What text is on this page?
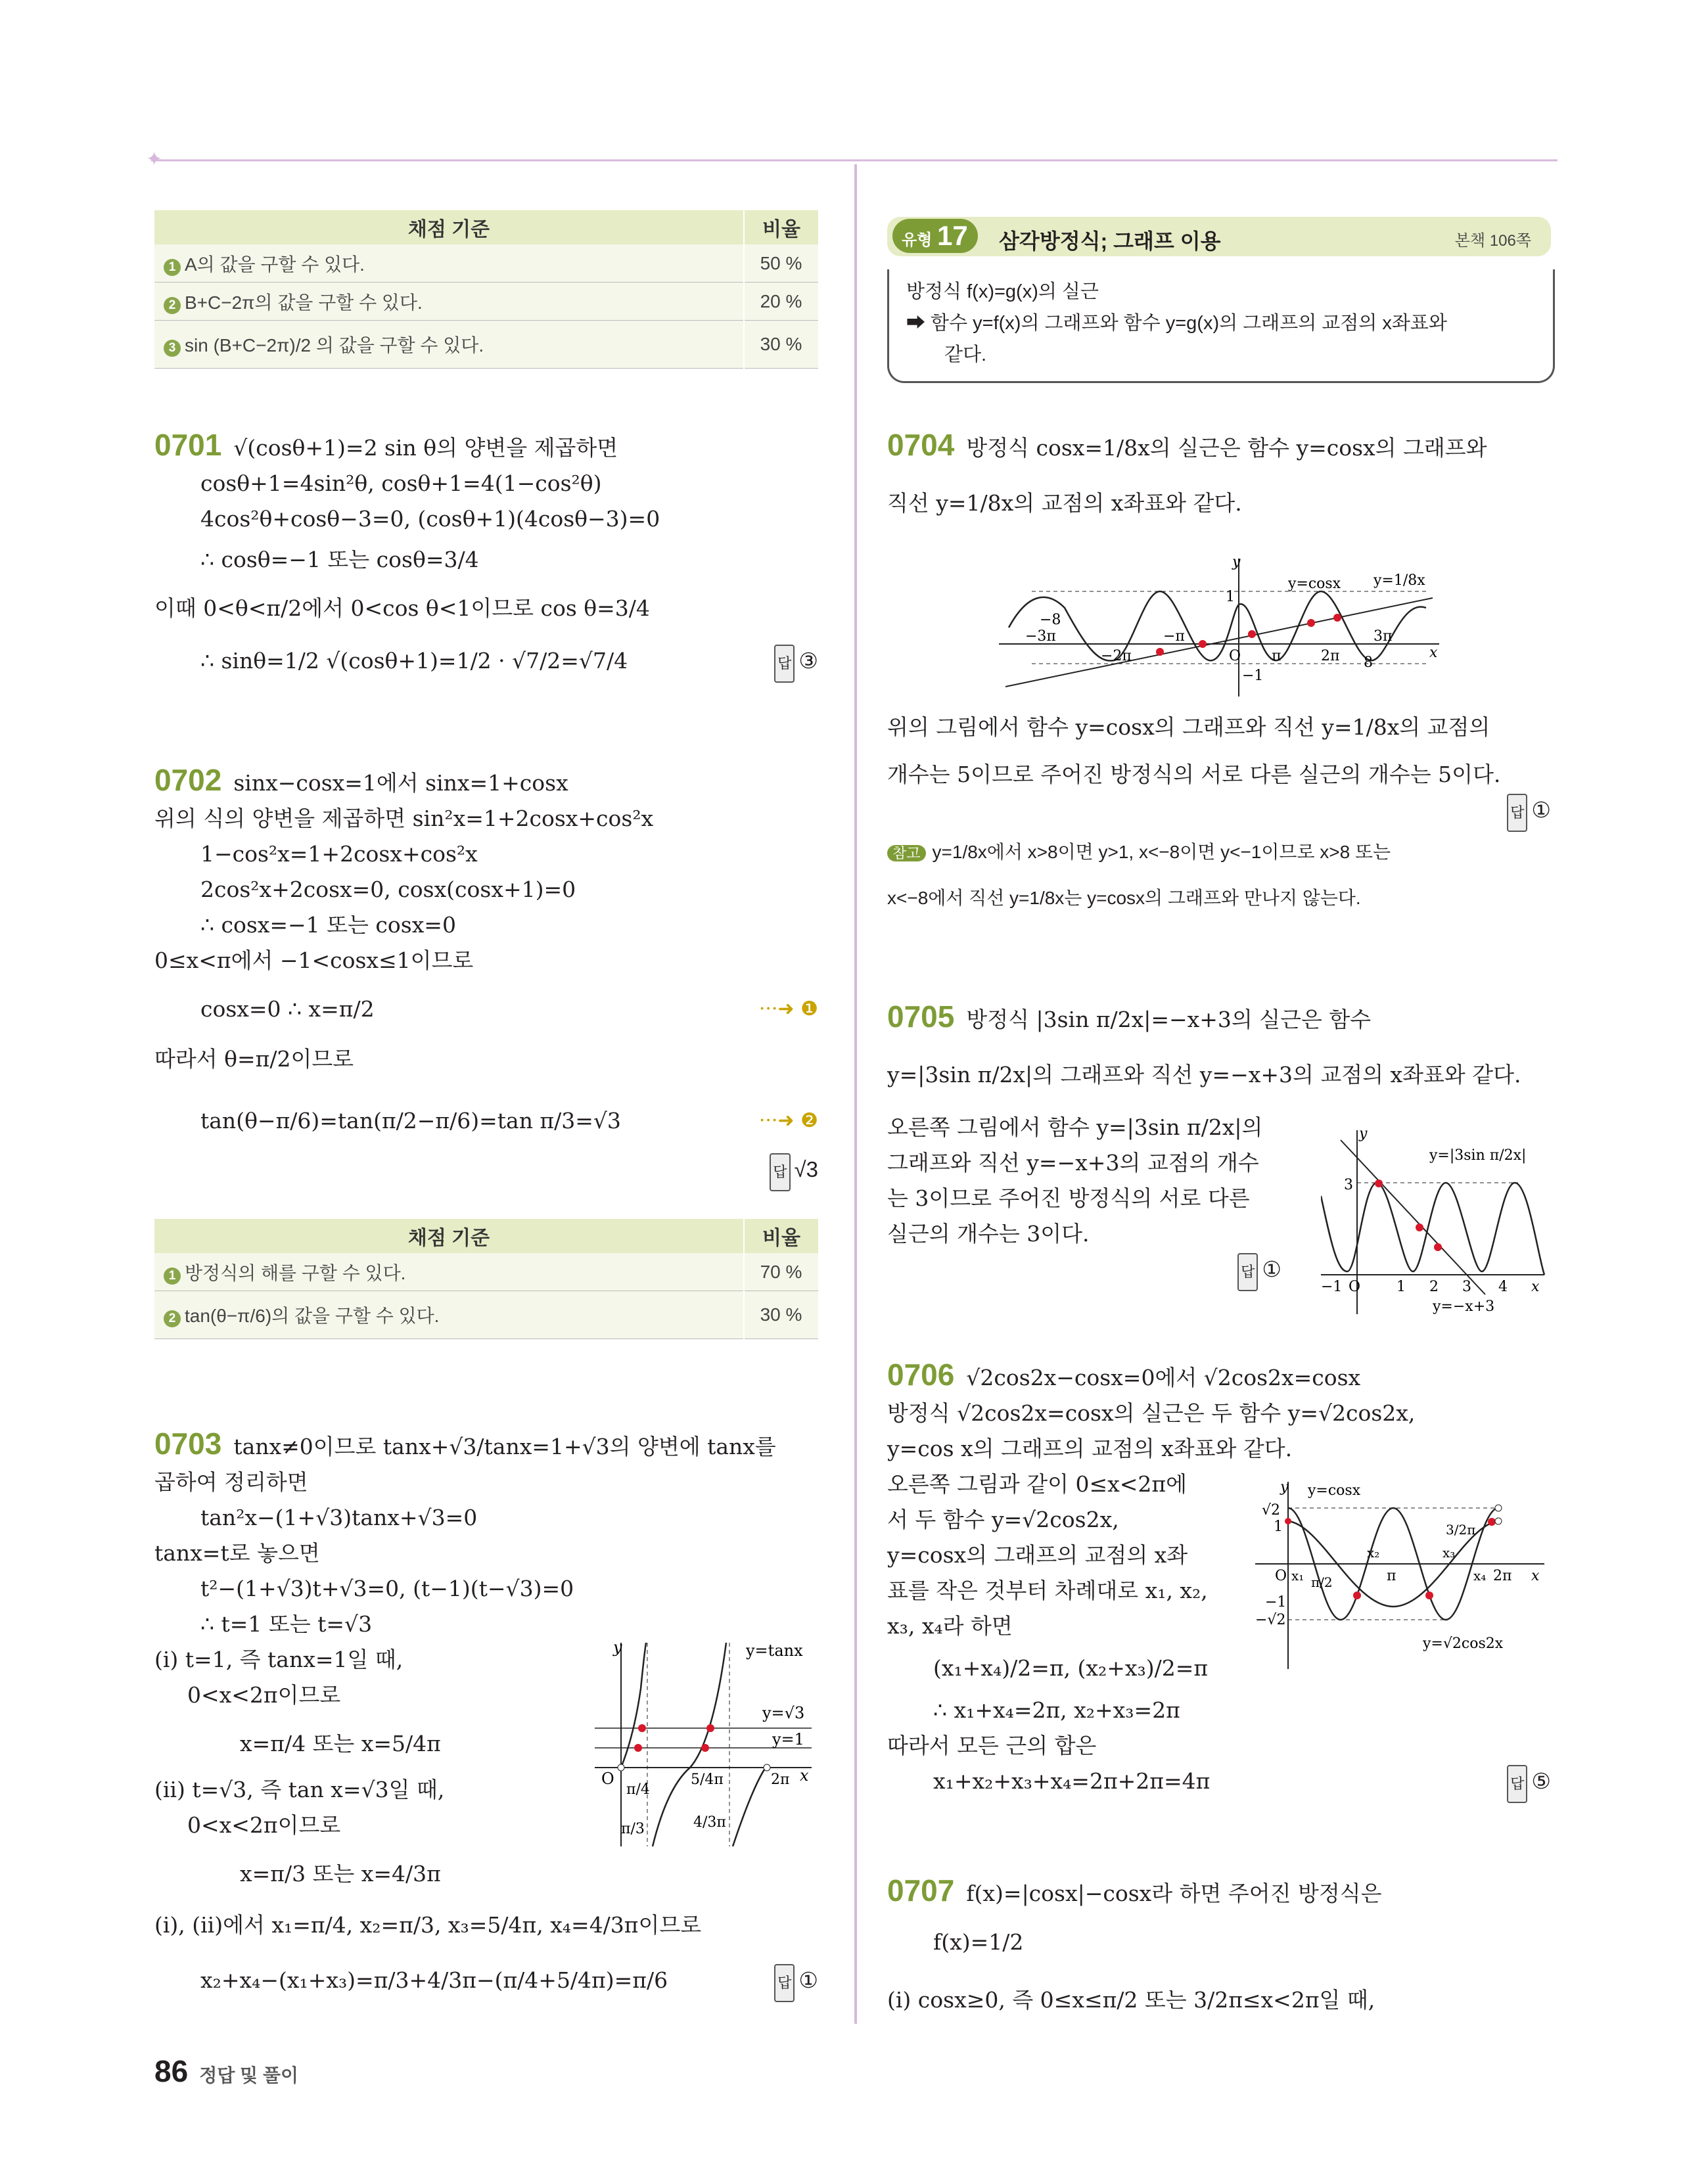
✦
채점 기준	비율
1 A의 값을 구할 수 있다.	50 %
2 B+C−2π의 값을 구할 수 있다.	20 %
3 sin (B+C−2π)/2 의 값을 구할 수 있다.	30 %
0701 √(cosθ+1)=2 sin θ의 양변을 제곱하면
cosθ+1=4sin²θ, cosθ+1=4(1−cos²θ)
4cos²θ+cosθ−3=0, (cosθ+1)(4cosθ−3)=0
∴ cosθ=−1 또는 cosθ=3/4
이때 0<θ<π/2에서 0<cos θ<1이므로 cos θ=3/4
∴ sinθ=1/2 √(cosθ+1)=1/2 · √7/2=√7/4	답 ③
0702 sinx−cosx=1에서 sinx=1+cosx
위의 식의 양변을 제곱하면 sin²x=1+2cosx+cos²x
1−cos²x=1+2cosx+cos²x
2cos²x+2cosx=0, cosx(cosx+1)=0
∴ cosx=−1 또는 cosx=0
0≤x<π에서 −1<cosx≤1이므로
cosx=0 ∴ x=π/2	···➜ ❶
따라서 θ=π/2이므로
tan(θ−π/6)=tan(π/2−π/6)=tan π/3=√3	···➜ ❷
답 √3
채점 기준	비율
1 방정식의 해를 구할 수 있다.	70 %
2 tan(θ−π/6)의 값을 구할 수 있다.	30 %
0703 tanx≠0이므로 tanx+√3/tanx=1+√3의 양변에 tanx를
곱하여 정리하면
tan²x−(1+√3)tanx+√3=0
tanx=t로 놓으면
t²−(1+√3)t+√3=0, (t−1)(t−√3)=0
∴ t=1 또는 t=√3
(ⅰ) t=1, 즉 tanx=1일 때,
0<x<2π이므로
x=π/4 또는 x=5/4π
(ⅱ) t=√3, 즉 tan x=√3일 때,
0<x<2π이므로
x=π/3 또는 x=4/3π
(ⅰ), (ⅱ)에서 x₁=π/4, x₂=π/3, x₃=5/4π, x₄=4/3π이므로
x₂+x₄−(x₁+x₃)=π/3+4/3π−(π/4+5/4π)=π/6	답 ①
y	y=tanx
y=√3
y=1
O
π/4
π/3
5/4π
4/3π
2π x
유형 17 삼각방정식; 그래프 이용	본책 106쪽
방정식 f(x)=g(x)의 실근
➡ 함수 y=f(x)의 그래프와 함수 y=g(x)의 그래프의 교점의 x좌표와
같다.
0704 방정식 cosx=1/8x의 실근은 함수 y=cosx의 그래프와
직선 y=1/8x의 교점의 x좌표와 같다.
y
y=cosx y=1/8x
1
−8
−3π
−2π
−π
O π	2π
3π
8
−1
x
위의 그림에서 함수 y=cosx의 그래프와 직선 y=1/8x의 교점의
개수는 5이므로 주어진 방정식의 서로 다른 실근의 개수는 5이다.
답 ①
참고 y=1/8x에서 x>8이면 y>1, x<−8이면 y<−1이므로 x>8 또는
x<−8에서 직선 y=1/8x는 y=cosx의 그래프와 만나지 않는다.
0705 방정식 |3sin π/2x|=−x+3의 실근은 함수
y=|3sin π/2x|의 그래프와 직선 y=−x+3의 교점의 x좌표와 같다.
오른쪽 그림에서 함수 y=|3sin π/2x|의
그래프와 직선 y=−x+3의 교점의 개수
는 3이므로 주어진 방정식의 서로 다른
실근의 개수는 3이다.
답 ①
y
y=|3sin π/2x|
3
−1 O 1 2 3 4 x
y=−x+3
0706 √2cos2x−cosx=0에서 √2cos2x=cosx
방정식 √2cos2x=cosx의 실근은 두 함수 y=√2cos2x,
y=cos x의 그래프의 교점의 x좌표와 같다.
오른쪽 그림과 같이 0≤x<2π에
서 두 함수 y=√2cos2x,
y=cosx의 그래프의 교점의 x좌
표를 작은 것부터 차례대로 x₁, x₂,
x₃, x₄라 하면
(x₁+x₄)/2=π, (x₂+x₃)/2=π
∴ x₁+x₄=2π, x₂+x₃=2π
따라서 모든 근의 합은
x₁+x₂+x₃+x₄=2π+2π=4π	답 ⑤
y y=cosx
√2
1	3/2π
x₂	x₃
O x₁ π/2	π	x₄ 2π x
−1
−√2
y=√2cos2x
0707 f(x)=|cosx|−cosx라 하면 주어진 방정식은
f(x)=1/2
(ⅰ) cosx≥0, 즉 0≤x≤π/2 또는 3/2π≤x<2π일 때,
86 정답 및 풀이
